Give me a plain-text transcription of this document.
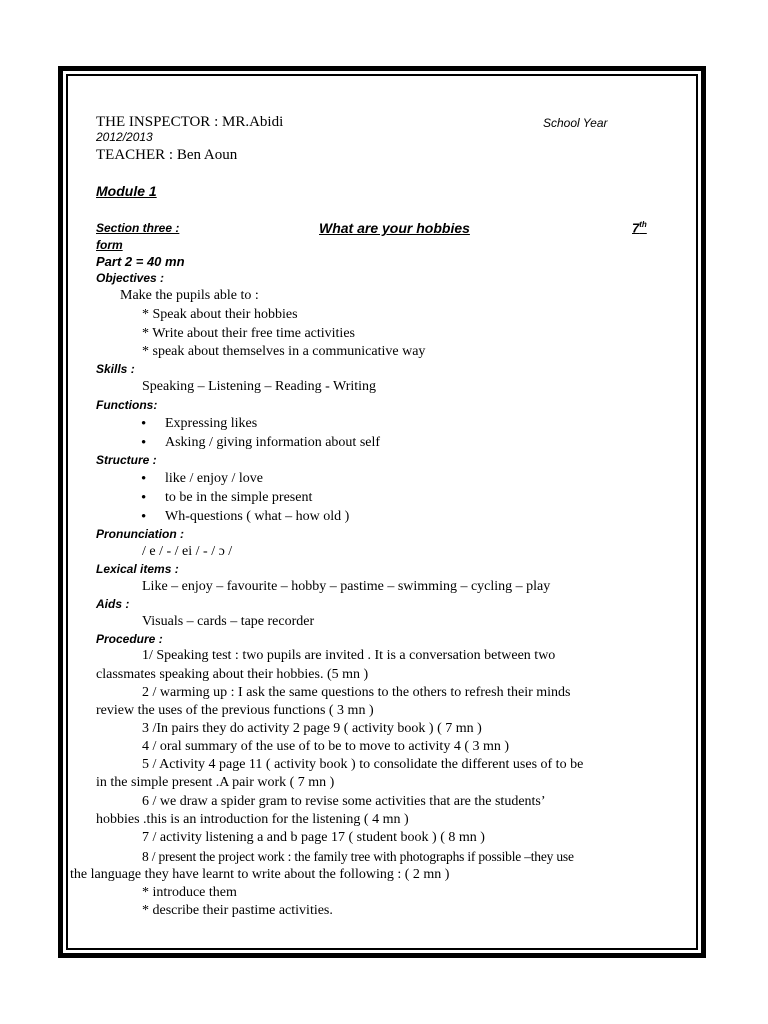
THE INSPECTOR : MR.Abidi	School Year
2012/2013
TEACHER : Ben Aoun
Module 1
Section three :	What are your hobbies	7th
form
Part 2 = 40 mn
Objectives :
Make the pupils able to :
* Speak about their hobbies
* Write about their free time activities
* speak about themselves in a communicative way
Skills :
Speaking – Listening – Reading - Writing
Functions:
• Expressing likes
• Asking / giving information about self
Structure :
• like / enjoy / love
• to be in the simple present
• Wh-questions ( what – how old )
Pronunciation :
/ e / - / ei / - / ɔ /
Lexical items :
Like – enjoy – favourite – hobby – pastime – swimming – cycling – play
Aids :
Visuals – cards – tape recorder
Procedure :
1/ Speaking test : two pupils are invited . It is a conversation between two
classmates speaking about their hobbies. (5 mn )
2 / warming up : I ask the same questions to the others to refresh their minds
review the uses of the previous functions ( 3 mn )
3 /In pairs they do activity 2 page 9 ( activity book ) ( 7 mn )
4 / oral summary of the use of to be to move to activity 4 ( 3 mn )
5 / Activity 4 page 11 ( activity book ) to consolidate the different uses of to be
in the simple present .A pair work ( 7 mn )
6 / we draw a spider gram to revise some activities that are the students’
hobbies .this is an introduction for the listening ( 4 mn )
7 / activity listening a and b page 17 ( student book ) ( 8 mn )
8 / present the project work : the family tree with photographs if possible –they use
the language they have learnt to write about the following : ( 2 mn )
* introduce them
* describe their pastime activities.
